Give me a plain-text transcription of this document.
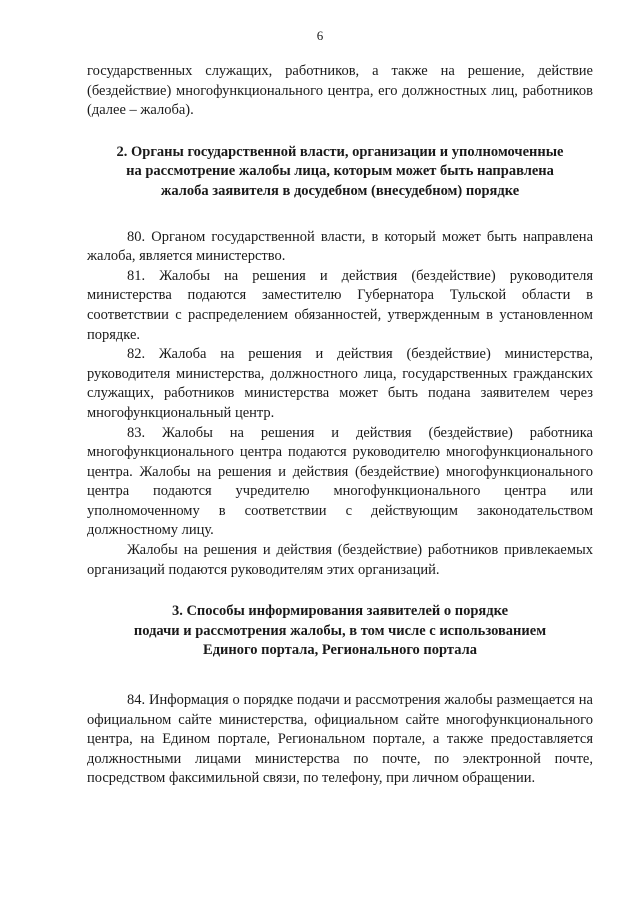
6

государственных служащих, работников, а также на решение, действие (бездействие) многофункционального центра, его должностных лиц, работников (далее – жалоба).

2. Органы государственной власти, организации и уполномоченные
на рассмотрение жалобы лица, которым может быть направлена
жалоба заявителя в досудебном (внесудебном) порядке

80. Органом государственной власти, в который может быть направлена жалоба, является министерство.

81. Жалобы на решения и действия (бездействие) руководителя министерства подаются заместителю Губернатора Тульской области в соответствии с распределением обязанностей, утвержденным в установленном порядке.

82. Жалоба на решения и действия (бездействие) министерства, руководителя министерства, должностного лица, государственных гражданских служащих, работников министерства может быть подана заявителем через многофункциональный центр.

83. Жалобы на решения и действия (бездействие) работника многофункционального центра подаются руководителю многофункционального центра. Жалобы на решения и действия (бездействие) многофункционального центра подаются учредителю многофункционального центра или уполномоченному в соответствии с действующим законодательством должностному лицу.

Жалобы на решения и действия (бездействие) работников привлекаемых организаций подаются руководителям этих организаций.

3. Способы информирования заявителей о порядке
подачи и рассмотрения жалобы, в том числе с использованием
Единого портала, Регионального портала

84. Информация о порядке подачи и рассмотрения жалобы размещается на официальном сайте министерства, официальном сайте многофункционального центра, на Едином портале, Региональном портале, а также предоставляется должностными лицами министерства по почте, по электронной почте, посредством факсимильной связи, по телефону, при личном обращении.
